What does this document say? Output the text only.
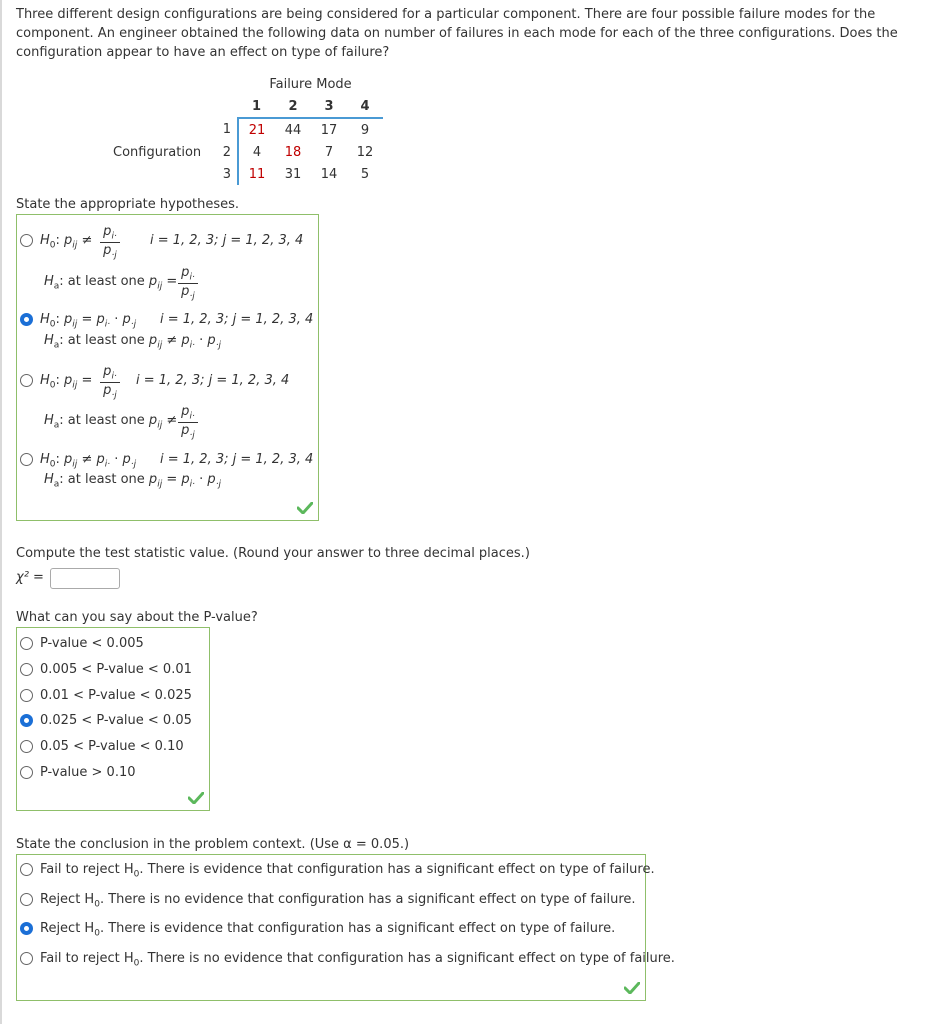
Three different design configurations are being considered for a particular component. There are four possible failure modes for the component. An engineer obtained the following data on number of failures in each mode for each of the three configurations. Does the configuration appear to have an effect on type of failure?
		Failure Mode			
		1	2	3	4
	1	21	44	17	9
Configuration	2	4	18	7	12
	3	11	31	14	5
State the appropriate hypotheses.
$H_0$: $p_{ij} \ne \frac{p_{i\cdot}}{p_{\cdot j}}$ i = 1, 2, 3; j = 1, 2, 3, 4
$H_a$: at least one $p_{ij} = \frac{p_{i\cdot}}{p_{\cdot j}}$
$H_0$: $p_{ij} = p_{i\cdot} \cdot p_{\cdot j}$ i = 1, 2, 3; j = 1, 2, 3, 4
$H_a$: at least one $p_{ij} \ne p_{i\cdot} \cdot p_{\cdot j}$
$H_0$: $p_{ij} = \frac{p_{i\cdot}}{p_{\cdot j}}$ i = 1, 2, 3; j = 1, 2, 3, 4
$H_a$: at least one $p_{ij} \ne \frac{p_{i\cdot}}{p_{\cdot j}}$
$H_0$: $p_{ij} \ne p_{i\cdot} \cdot p_{\cdot j}$ i = 1, 2, 3; j = 1, 2, 3, 4
$H_a$: at least one $p_{ij} = p_{i\cdot} \cdot p_{\cdot j}$
Compute the test statistic value. (Round your answer to three decimal places.)
χ² =
What can you say about the P-value?
P-value < 0.005
0.005 < P-value < 0.01
0.01 < P-value < 0.025
0.025 < P-value < 0.05
0.05 < P-value < 0.10
P-value > 0.10
State the conclusion in the problem context. (Use α = 0.05.)
Fail to reject $H_0$. There is evidence that configuration has a significant effect on type of failure.
Reject $H_0$. There is no evidence that configuration has a significant effect on type of failure.
Reject $H_0$. There is evidence that configuration has a significant effect on type of failure.
Fail to reject $H_0$. There is no evidence that configuration has a significant effect on type of failure.
